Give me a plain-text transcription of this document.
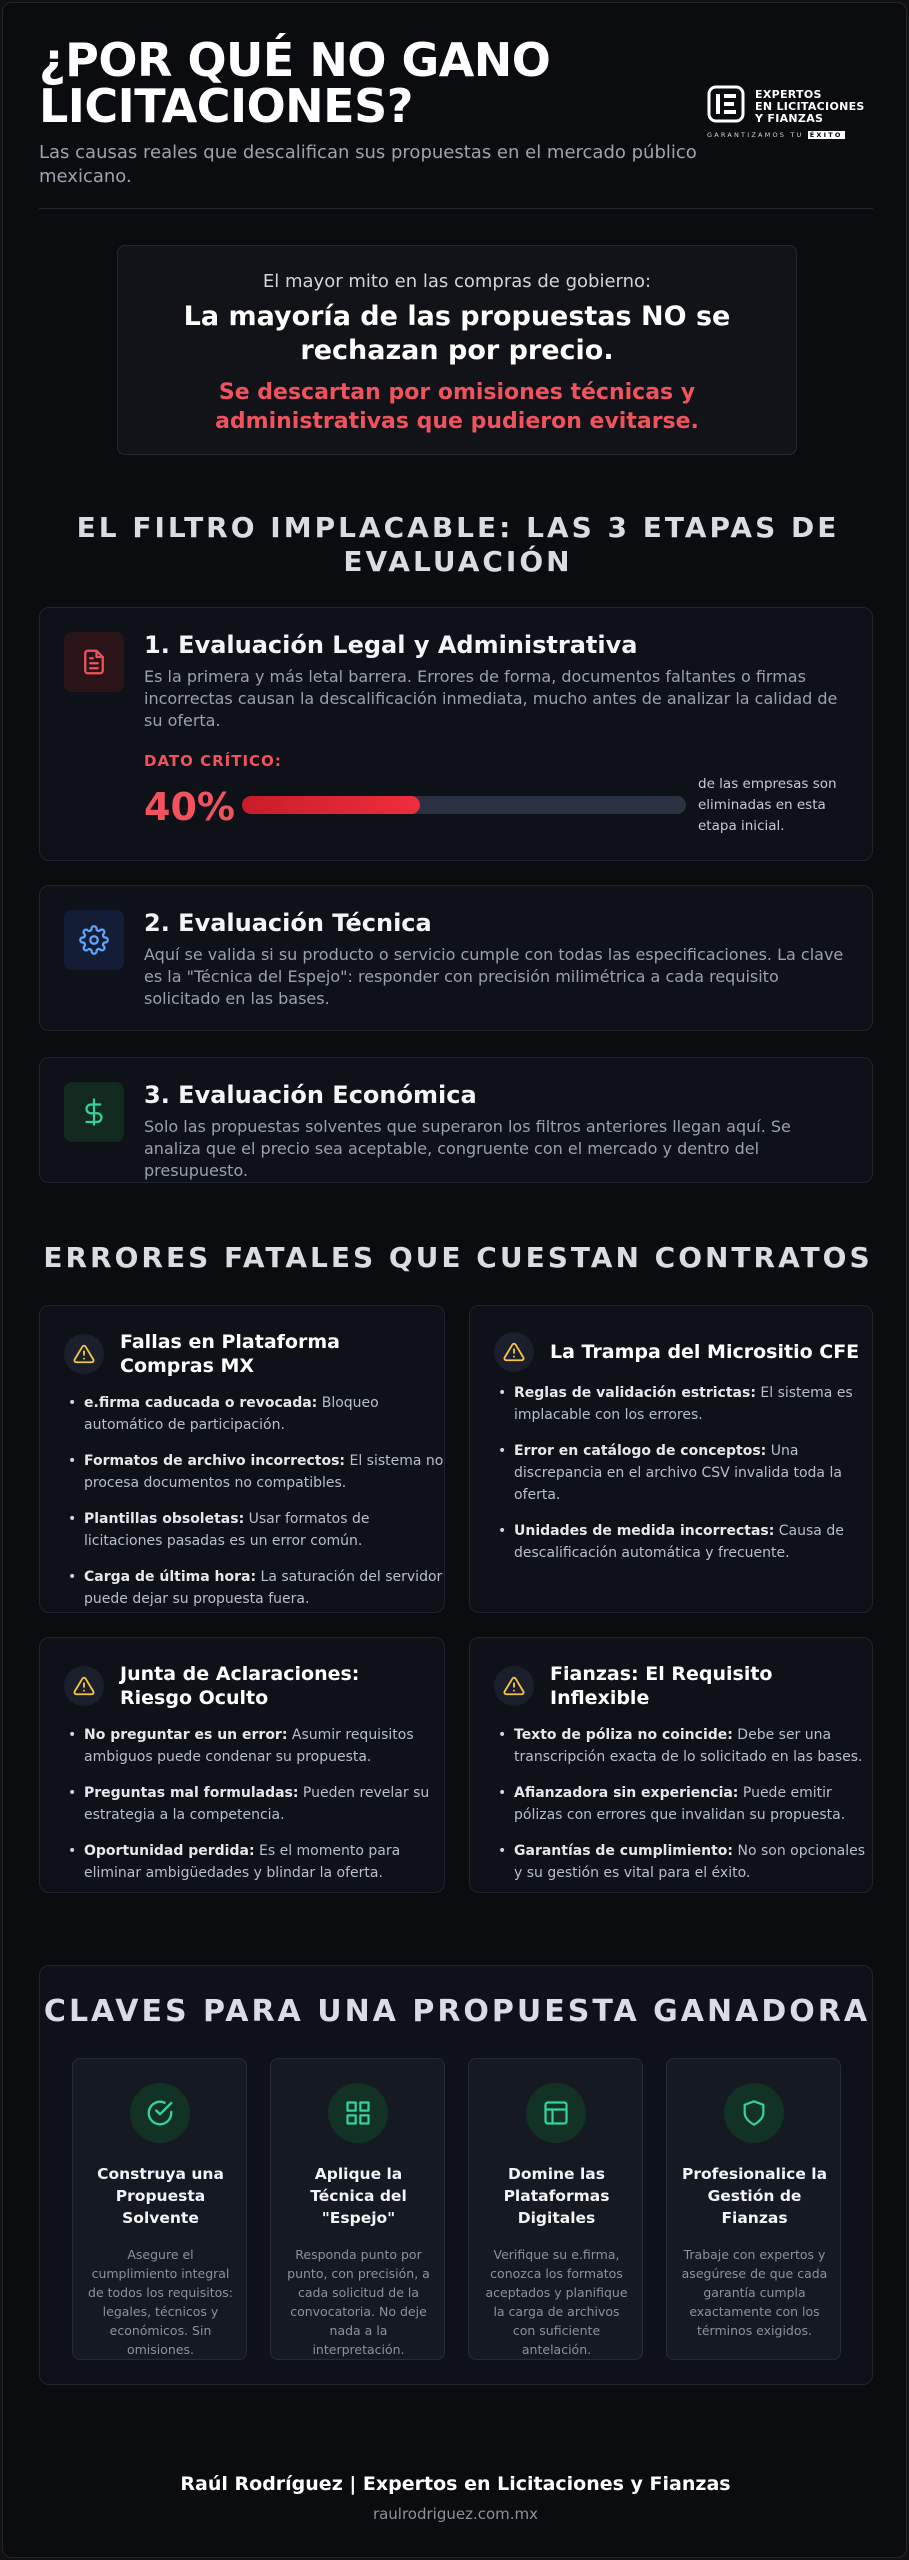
¿POR QUÉ NO GANO LICITACIONES?

Las causas reales que descalifican sus propuestas en el mercado público mexicano.

EXPERTOS
EN LICITACIONES
Y FIANZAS
GARANTIZAMOS TU ÉXITO

El mayor mito en las compras de gobierno:

La mayoría de las propuestas NO se rechazan por precio.

Se descartan por omisiones técnicas y administrativas que pudieron evitarse.

EL FILTRO IMPLACABLE: LAS 3 ETAPAS DE EVALUACIÓN
1. Evaluación Legal y Administrativa

Es la primera y más letal barrera. Errores de forma, documentos faltantes o firmas incorrectas causan la descalificación inmediata, mucho antes de analizar la calidad de su oferta.

DATO CRÍTICO:
40%

de las empresas son eliminadas en esta etapa inicial.

2. Evaluación Técnica

Aquí se valida si su producto o servicio cumple con todas las especificaciones. La clave es la "Técnica del Espejo": responder con precisión milimétrica a cada requisito solicitado en las bases.

3. Evaluación Económica

Solo las propuestas solventes que superaron los filtros anteriores llegan aquí. Se analiza que el precio sea aceptable, congruente con el mercado y dentro del presupuesto.

ERRORES FATALES QUE CUESTAN CONTRATOS
Fallas en Plataforma Compras MX
• e.firma caducada o revocada: Bloqueo automático de participación.
• Formatos de archivo incorrectos: El sistema no procesa documentos no compatibles.
• Plantillas obsoletas: Usar formatos de licitaciones pasadas es un error común.
• Carga de última hora: La saturación del servidor puede dejar su propuesta fuera.
La Trampa del Micrositio CFE
• Reglas de validación estrictas: El sistema es implacable con los errores.
• Error en catálogo de conceptos: Una discrepancia en el archivo CSV invalida toda la oferta.
• Unidades de medida incorrectas: Causa de descalificación automática y frecuente.
Junta de Aclaraciones: Riesgo Oculto
• No preguntar es un error: Asumir requisitos ambiguos puede condenar su propuesta.
• Preguntas mal formuladas: Pueden revelar su estrategia a la competencia.
• Oportunidad perdida: Es el momento para eliminar ambigüedades y blindar la oferta.
Fianzas: El Requisito Inflexible
• Texto de póliza no coincide: Debe ser una transcripción exacta de lo solicitado en las bases.
• Afianzadora sin experiencia: Puede emitir pólizas con errores que invalidan su propuesta.
• Garantías de cumplimiento: No son opcionales y su gestión es vital para el éxito.
CLAVES PARA UNA PROPUESTA GANADORA
Construya una Propuesta Solvente

Asegure el cumplimiento integral de todos los requisitos: legales, técnicos y económicos. Sin omisiones.

Aplique la Técnica del "Espejo"

Responda punto por punto, con precisión, a cada solicitud de la convocatoria. No deje nada a la interpretación.

Domine las Plataformas Digitales

Verifique su e.firma, conozca los formatos aceptados y planifique la carga de archivos con suficiente antelación.

Profesionalice la Gestión de Fianzas

Trabaje con expertos y asegúrese de que cada garantía cumpla exactamente con los términos exigidos.

Raúl Rodríguez | Expertos en Licitaciones y Fianzas
raulrodriguez.com.mx
